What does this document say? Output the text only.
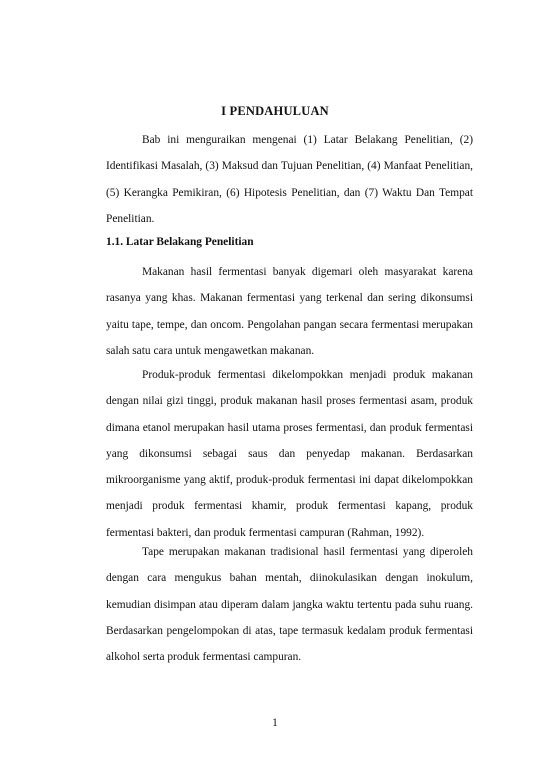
I PENDAHULUAN

Bab ini menguraikan mengenai (1) Latar Belakang Penelitian, (2) Identifikasi Masalah, (3) Maksud dan Tujuan Penelitian, (4) Manfaat Penelitian, (5) Kerangka Pemikiran, (6) Hipotesis Penelitian, dan (7) Waktu Dan Tempat Penelitian.

1.1. Latar Belakang Penelitian

Makanan hasil fermentasi banyak digemari oleh masyarakat karena rasanya yang khas. Makanan fermentasi yang terkenal dan sering dikonsumsi yaitu tape, tempe, dan oncom. Pengolahan pangan secara fermentasi merupakan salah satu cara untuk mengawetkan makanan.

Produk-produk fermentasi dikelompokkan menjadi produk makanan dengan nilai gizi tinggi, produk makanan hasil proses fermentasi asam, produk dimana etanol merupakan hasil utama proses fermentasi, dan produk fermentasi yang dikonsumsi sebagai saus dan penyedap makanan. Berdasarkan mikroorganisme yang aktif, produk-produk fermentasi ini dapat dikelompokkan menjadi produk fermentasi khamir, produk fermentasi kapang, produk fermentasi bakteri, dan produk fermentasi campuran (Rahman, 1992).

Tape merupakan makanan tradisional hasil fermentasi yang diperoleh dengan cara mengukus bahan mentah, diinokulasikan dengan inokulum, kemudian disimpan atau diperam dalam jangka waktu tertentu pada suhu ruang. Berdasarkan pengelompokan di atas, tape termasuk kedalam produk fermentasi alkohol serta produk fermentasi campuran.

1
